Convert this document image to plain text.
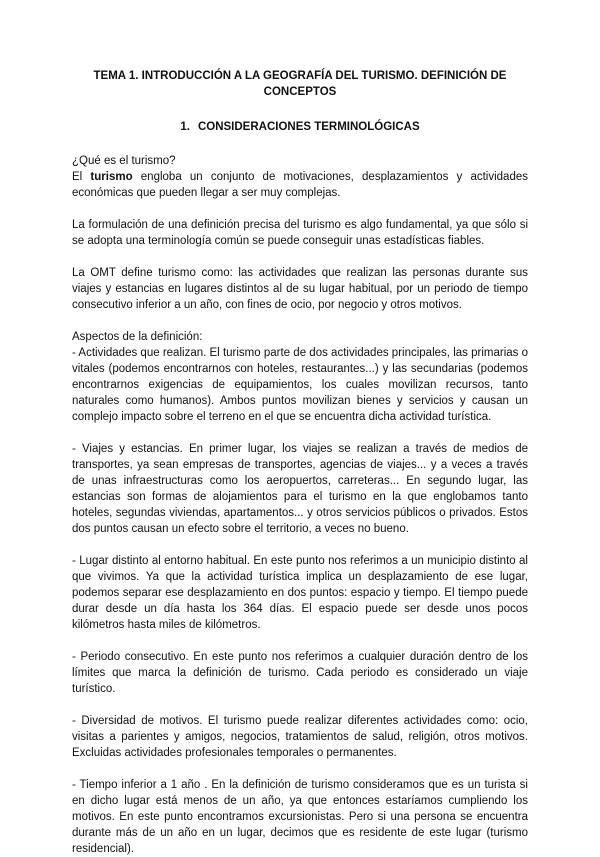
TEMA 1. INTRODUCCIÓN A LA GEOGRAFÍA DEL TURISMO. DEFINICIÓN DE CONCEPTOS
1. CONSIDERACIONES TERMINOLÓGICAS

¿Qué es el turismo?

El turismo engloba un conjunto de motivaciones, desplazamientos y actividades económicas que pueden llegar a ser muy complejas.

La formulación de una definición precisa del turismo es algo fundamental, ya que sólo si se adopta una terminología común se puede conseguir unas estadísticas fiables.

La OMT define turismo como: las actividades que realizan las personas durante sus viajes y estancias en lugares distintos al de su lugar habitual, por un periodo de tiempo consecutivo inferior a un año, con fines de ocio, por negocio y otros motivos.

Aspectos de la definición:

- Actividades que realizan. El turismo parte de dos actividades principales, las primarias o vitales (podemos encontrarnos con hoteles, restaurantes...) y las secundarias (podemos encontrarnos exigencias de equipamientos, los cuales movilizan recursos, tanto naturales como humanos). Ambos puntos movilizan bienes y servicios y causan un complejo impacto sobre el terreno en el que se encuentra dicha actividad turística.

- Viajes y estancias. En primer lugar, los viajes se realizan a través de medios de transportes, ya sean empresas de transportes, agencias de viajes... y a veces a través de unas infraestructuras como los aeropuertos, carreteras... En segundo lugar, las estancias son formas de alojamientos para el turismo en la que englobamos tanto hoteles, segundas viviendas, apartamentos... y otros servicios públicos o privados. Estos dos puntos causan un efecto sobre el territorio, a veces no bueno.

- Lugar distinto al entorno habitual. En este punto nos referimos a un municipio distinto al que vivimos. Ya que la actividad turística implica un desplazamiento de ese lugar, podemos separar ese desplazamiento en dos puntos: espacio y tiempo. El tiempo puede durar desde un día hasta los 364 días. El espacio puede ser desde unos pocos kilómetros hasta miles de kilómetros.

- Periodo consecutivo. En este punto nos referimos a cualquier duración dentro de los límites que marca la definición de turismo. Cada periodo es considerado un viaje turístico.

- Diversidad de motivos. El turismo puede realizar diferentes actividades como: ocio, visitas a parientes y amigos, negocios, tratamientos de salud, religión, otros motivos. Excluidas actividades profesionales temporales o permanentes.

- Tiempo inferior a 1 año . En la definición de turismo consideramos que es un turista si en dicho lugar está menos de un año, ya que entonces estaríamos cumpliendo los motivos. En este punto encontramos excursionistas. Pero si una persona se encuentra durante más de un año en un lugar, decimos que es residente de este lugar (turismo residencial).
